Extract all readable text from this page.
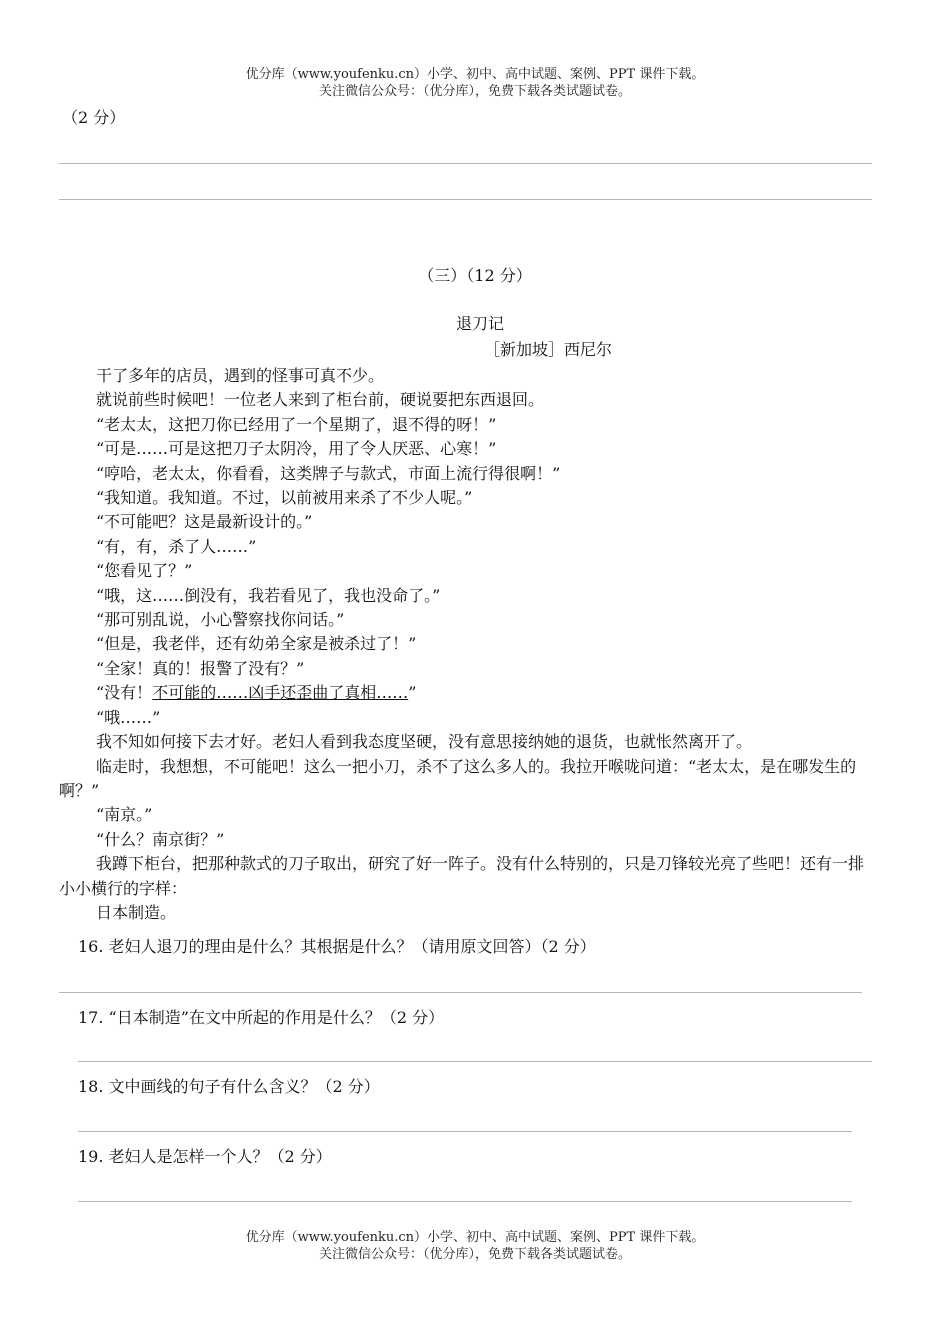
优分库（www.youfenku.cn）小学、初中、高中试题、案例、PPT 课件下载。
关注微信公众号：（优分库），免费下载各类试题试卷。
（2 分）
（三）（12 分）
退刀记
［新加坡］西尼尔

干了多年的店员，遇到的怪事可真不少。

就说前些时候吧！一位老人来到了柜台前，硬说要把东西退回。

“老太太，这把刀你已经用了一个星期了，退不得的呀！”

“可是……可是这把刀子太阴冷，用了令人厌恶、心寒！”

“哼哈，老太太，你看看，这类牌子与款式，市面上流行得很啊！”

“我知道。我知道。不过，以前被用来杀了不少人呢。”

“不可能吧？这是最新设计的。”

“有，有，杀了人……”

“您看见了？”

“哦，这……倒没有，我若看见了，我也没命了。”

“那可别乱说，小心警察找你问话。”

“但是，我老伴，还有幼弟全家是被杀过了！”

“全家！真的！报警了没有？”

“没有！不可能的……凶手还歪曲了真相……”

“哦……”

我不知如何接下去才好。老妇人看到我态度坚硬，没有意思接纳她的退货，也就怅然离开了。

临走时，我想想，不可能吧！这么一把小刀，杀不了这么多人的。我拉开喉咙问道：“老太太，是在哪发生的啊？”

“南京。”

“什么？南京街？”

我蹲下柜台，把那种款式的刀子取出，研究了好一阵子。没有什么特别的，只是刀锋较光亮了些吧！还有一排小小横行的字样：

日本制造。

16. 老妇人退刀的理由是什么？其根据是什么？（请用原文回答）（2 分）
17. “日本制造”在文中所起的作用是什么？（2 分）
18. 文中画线的句子有什么含义？（2 分）
19. 老妇人是怎样一个人？（2 分）
优分库（www.youfenku.cn）小学、初中、高中试题、案例、PPT 课件下载。
关注微信公众号：（优分库），免费下载各类试题试卷。
